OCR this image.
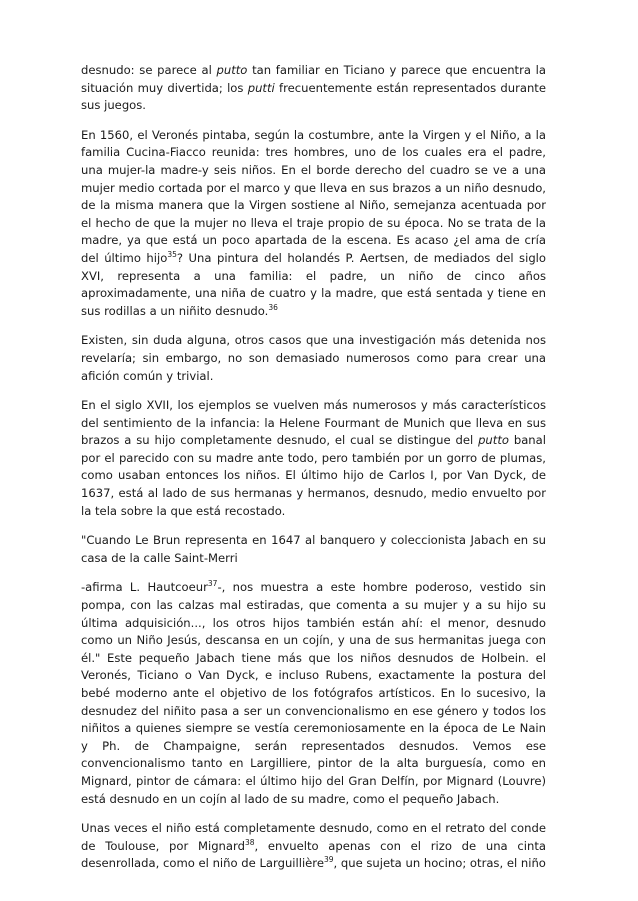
desnudo: se parece al putto tan familiar en Ticiano y parece que encuentra la situación muy divertida; los putti frecuentemente están representados durante sus juegos.

En 1560, el Veronés pintaba, según la costumbre, ante la Virgen y el Niño, a la familia Cucina-Fiacco reunida: tres hombres, uno de los cuales era el padre, una mujer-la madre-y seis niños. En el borde derecho del cuadro se ve a una mujer medio cortada por el marco y que lleva en sus brazos a un niño desnudo, de la misma manera que la Virgen sostiene al Niño, semejanza acentuada por el hecho de que la mujer no lleva el traje propio de su época. No se trata de la madre, ya que está un poco apartada de la escena. Es acaso ¿el ama de cría del último hijo$^{35}$? Una pintura del holandés P. Aertsen, de mediados del siglo XVI, representa a una familia: el padre, un niño de cinco años aproximadamente, una niña de cuatro y la madre, que está sentada y tiene en sus rodillas a un niñito desnudo.$^{36}$

Existen, sin duda alguna, otros casos que una investigación más detenida nos revelaría; sin embargo, no son demasiado numerosos como para crear una afición común y trivial.

En el siglo XVII, los ejemplos se vuelven más numerosos y más característicos del sentimiento de la infancia: la Helene Fourmant de Munich que lleva en sus brazos a su hijo completamente desnudo, el cual se distingue del putto banal por el parecido con su madre ante todo, pero también por un gorro de plumas, como usaban entonces los niños. El último hijo de Carlos I, por Van Dyck, de 1637, está al lado de sus hermanas y hermanos, desnudo, medio envuelto por la tela sobre la que está recostado.

"Cuando Le Brun representa en 1647 al banquero y coleccionista Jabach en su casa de la calle Saint-Merri

-afirma L. Hautcoeur$^{37}$-, nos muestra a este hombre poderoso, vestido sin pompa, con las calzas mal estiradas, que comenta a su mujer y a su hijo su última adquisición..., los otros hijos también están ahí: el menor, desnudo como un Niño Jesús, descansa en un cojín, y una de sus hermanitas juega con él." Este pequeño Jabach tiene más que los niños desnudos de Holbein. el Veronés, Ticiano o Van Dyck, e incluso Rubens, exactamente la postura del bebé moderno ante el objetivo de los fotógrafos artísticos. En lo sucesivo, la desnudez del niñito pasa a ser un convencionalismo en ese género y todos los niñitos a quienes siempre se vestía ceremoniosamente en la época de Le Nain y Ph. de Champaigne, serán representados desnudos. Vemos ese convencionalismo tanto en Largilliere, pintor de la alta burguesía, como en Mignard, pintor de cámara: el último hijo del Gran Delfín, por Mignard (Louvre) está desnudo en un cojín al lado de su madre, como el pequeño Jabach.

Unas veces el niño está completamente desnudo, como en el retrato del conde de Toulouse, por Mignard$^{38}$, envuelto apenas con el rizo de una cinta desenrollada, como el niño de Larguillière$^{39}$, que sujeta un hocino; otras, el niño
